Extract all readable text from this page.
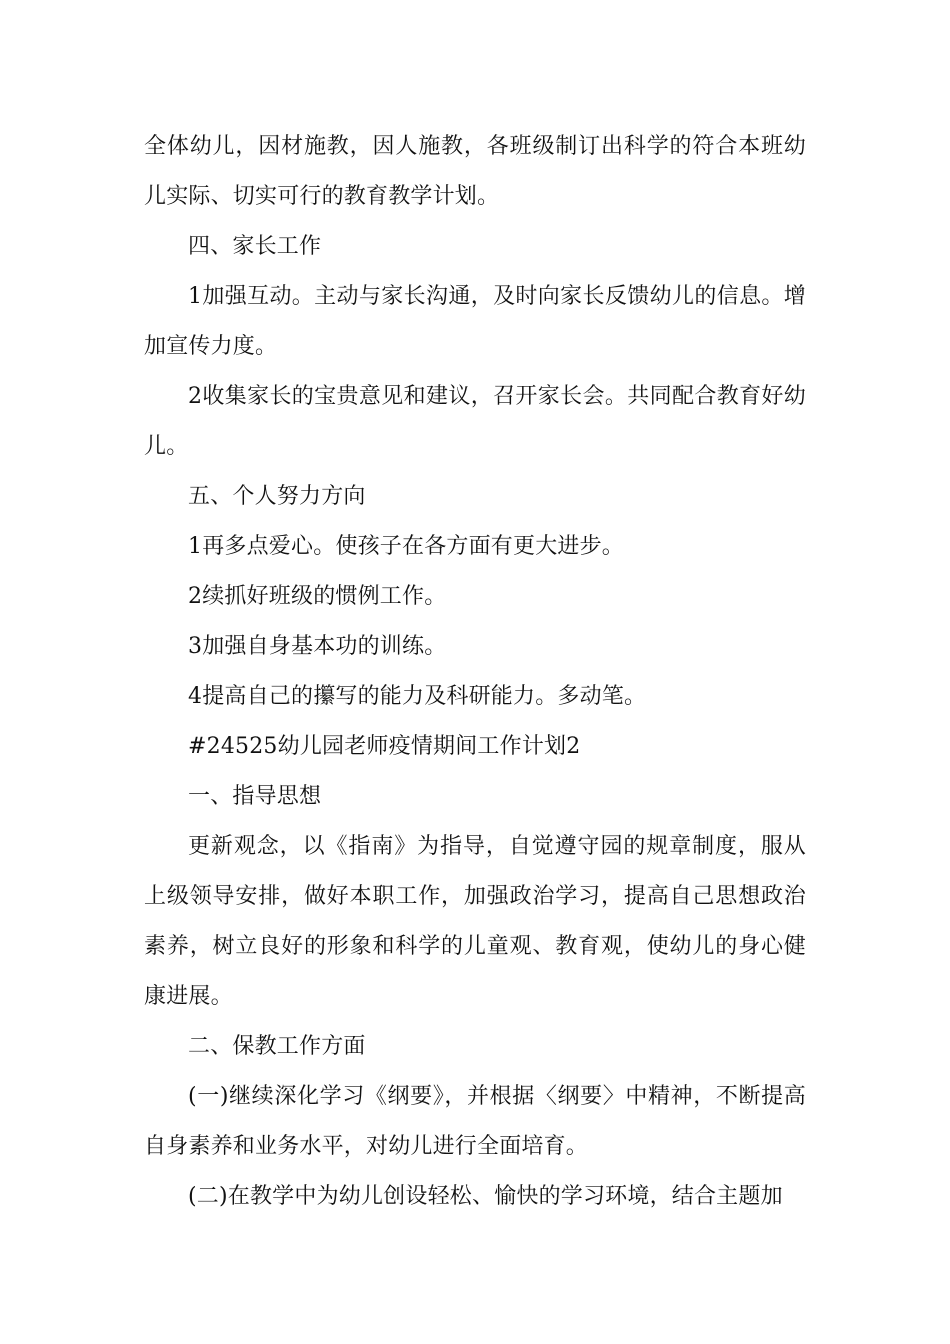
全体幼儿，因材施教，因人施教，各班级制订出科学的符合本班幼儿实际、切实可行的教育教学计划。

四、家长工作

1加强互动。主动与家长沟通，及时向家长反馈幼儿的信息。增加宣传力度。

2收集家长的宝贵意见和建议，召开家长会。共同配合教育好幼儿。

五、个人努力方向

1再多点爱心。使孩子在各方面有更大进步。

2续抓好班级的惯例工作。

3加强自身基本功的训练。

4提高自己的攥写的能力及科研能力。多动笔。

#24525幼儿园老师疫情期间工作计划2

一、指导思想

更新观念，以《指南》为指导，自觉遵守园的规章制度，服从上级领导安排，做好本职工作，加强政治学习，提高自己思想政治素养，树立良好的形象和科学的儿童观、教育观，使幼儿的身心健康进展。

二、保教工作方面

(一)继续深化学习《纲要》，并根据〈纲要〉中精神，不断提高自身素养和业务水平，对幼儿进行全面培育。

(二)在教学中为幼儿创设轻松、愉快的学习环境，结合主题加
